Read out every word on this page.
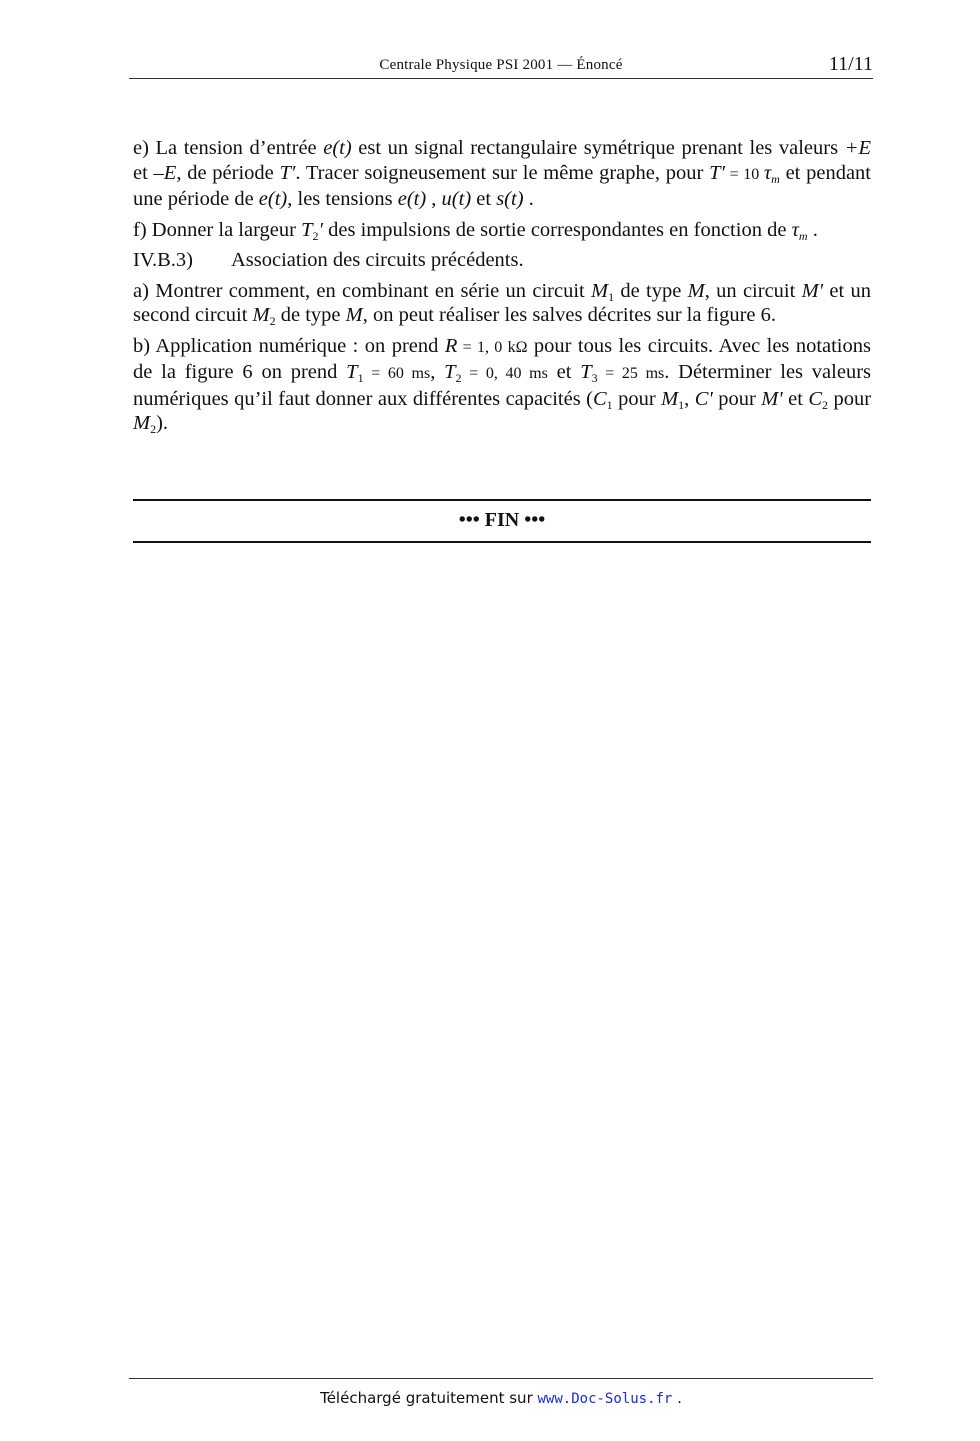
Centrale Physique PSI 2001 — Énoncé	11/11

e) La tension d’entrée e(t) est un signal rectangulaire symétrique prenant les valeurs +E et –E, de période T′. Tracer soigneusement sur le même graphe, pour T′ = 10 $\tau_m$ et pendant une période de e(t), les tensions e(t) , u(t) et s(t) .

f) Donner la largeur $T_2'$ des impulsions de sortie correspondantes en fonction de $\tau_m$ .

IV.B.3) Association des circuits précédents.

a) Montrer comment, en combinant en série un circuit $M_1$ de type M, un circuit M' et un second circuit $M_2$ de type M, on peut réaliser les salves décrites sur la figure 6.

b) Application numérique : on prend R = 1, 0 kΩ pour tous les circuits. Avec les notations de la figure 6 on prend $T_1 = 60$ ms, $T_2 = 0$, 40 ms et $T_3 = 25$ ms. Déterminer les valeurs numériques qu’il faut donner aux différentes capacités ($C_1$ pour $M_1$, C' pour M' et $C_2$ pour $M_2$).

••• FIN •••
Téléchargé gratuitement sur www.Doc-Solus.fr .
